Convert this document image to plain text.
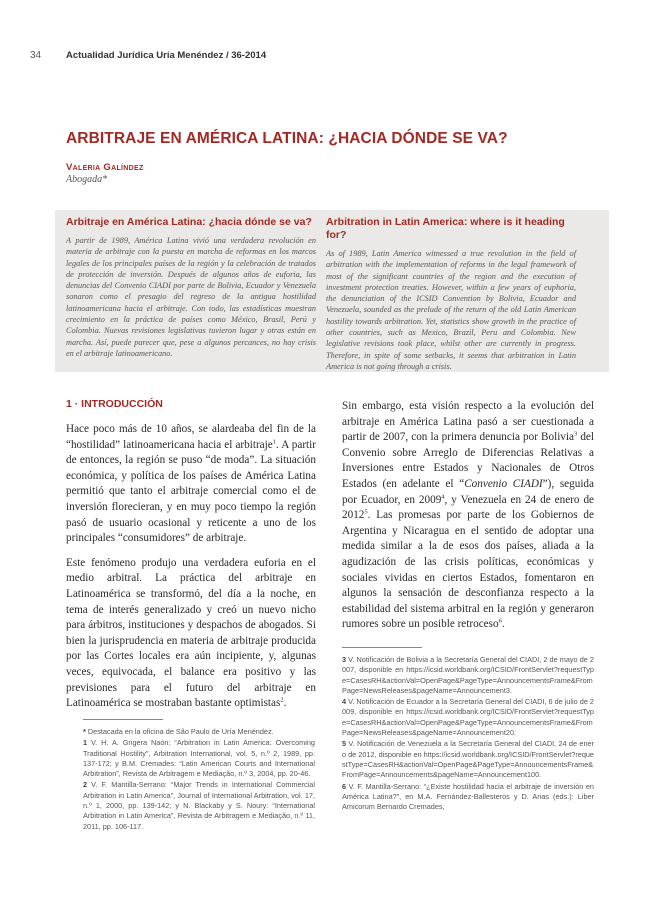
34	Actualidad Jurídica Uría Menéndez / 36-2014
ARBITRAJE EN AMÉRICA LATINA: ¿HACIA DÓNDE SE VA?
Valeria Galíndez
Abogada*
Arbitraje en América Latina: ¿hacia dónde se va?
A partir de 1989, América Latina vivió una verdadera revolución en materia de arbitraje con la puesta en marcha de reformas en los marcos legales de los principales países de la región y la celebración de tratados de protección de inversión. Después de algunos años de euforia, las denuncias del Convenio CIADI por parte de Bolivia, Ecuador y Venezuela sonaron como el presagio del regreso de la antigua hostilidad latinoamericana hacia el arbitraje. Con todo, las estadísticas muestran crecimiento en la práctica de países como México, Brasil, Perú y Colombia. Nuevas revisiones legislativas tuvieron lugar y otras están en marcha. Así, puede parecer que, pese a algunos percances, no hay crisis en el arbitraje latinoamericano.
Arbitration in Latin America: where is it heading for?
As of 1989, Latin America witnessed a true revolution in the field of arbitration with the implementation of reforms in the legal framework of most of the significant countries of the region and the execution of investment protection treaties. However, within a few years of euphoria, the denunciation of the ICSID Convention by Bolivia, Ecuador and Venezuela, sounded as the prelude of the return of the old Latin American hostility towards arbitration. Yet, statistics show growth in the practice of other countries, such as Mexico, Brazil, Peru and Colombia. New legislative revisions took place, whilst other are currently in progress. Therefore, in spite of some setbacks, it seems that arbitration in Latin America is not going through a crisis.
1 · INTRODUCCIÓN

Hace poco más de 10 años, se alardeaba del fin de la “hostilidad” latinoamericana hacia el arbitraje$^1$. A partir de entonces, la región se puso “de moda”. La situación económica, y política de los países de América Latina permitió que tanto el arbitraje comercial como el de inversión florecieran, y en muy poco tiempo la región pasó de usuario ocasional y reticente a uno de los principales “consumidores” de arbitraje.

Este fenómeno produjo una verdadera euforia en el medio arbitral. La práctica del arbitraje en Latinoamérica se transformó, del día a la noche, en tema de interés generalizado y creó un nuevo nicho para árbitros, instituciones y despachos de abogados. Si bien la jurisprudencia en materia de arbitraje producida por las Cortes locales era aún incipiente, y, algunas veces, equivocada, el balance era positivo y las previsiones para el futuro del arbitraje en Latinoamérica se mostraban bastante optimistas$^2$.

Sin embargo, esta visión respecto a la evolución del arbitraje en América Latina pasó a ser cuestionada a partir de 2007, con la primera denuncia por Bolivia$^3$ del Convenio sobre Arreglo de Diferencias Relativas a Inversiones entre Estados y Nacionales de Otros Estados (en adelante el “Convenio CIADI”), seguida por Ecuador, en 2009$^4$, y Venezuela en 24 de enero de 2012$^5$. Las promesas por parte de los Gobiernos de Argentina y Nicaragua en el sentido de adoptar una medida similar a la de esos dos países, aliada a la agudización de las crisis políticas, económicas y sociales vividas en ciertos Estados, fomentaron en algunos la sensación de desconfianza respecto a la estabilidad del sistema arbitral en la región y generaron rumores sobre un posible retroceso$^6$.

* Destacada en la oficina de São Paulo de Uría Menéndez.

1 V. H. A. Grigera Naón: “Arbitration in Latin America: Overcoming Traditional Hostility”, Arbitration International, vol. 5, n.º 2, 1989, pp. 137-172; y B.M. Cremades: “Latin American Courts and International Arbitration”, Revista de Arbitragem e Mediação, n.º 3, 2004, pp. 20-46.

2 V. F. Mantilla-Serrano: “Major Trends in International Commercial Arbitration in Latin America”, Journal of International Arbitration, vol. 17, n.º 1, 2000, pp. 139-142; y N. Blackaby y S. Noury: “International Arbitration in Latin America”, Revista de Arbitragem e Mediação, n.º 11, 2011, pp. 106-117.

3 V. Notificación de Bolivia a la Secretaría General del CIADI, 2 de mayo de 2007, disponible en https://icsid.worldbank.org/ICSID/FrontServlet?requestType=CasesRH&actionVal=OpenPage&PageType=AnnouncementsFrame&FromPage=NewsReleases&pageName=Announcement3.

4 V. Notificación de Ecuador a la Secretaría General del CIADI, 6 de julio de 2009, disponible en https://icsid.worldbank.org/ICSID/FrontServlet?requestType=CasesRH&actionVal=OpenPage&PageType=AnnouncementsFrame&FromPage=NewsReleases&pageName=Announcement20.

5 V. Notificación de Venezuela a la Secretaría General del CIADI, 24 de enero de 2012, disponible en https://icsid.worldbank.org/ICSID/FrontServlet?requestType=CasesRH&actionVal=OpenPage&PageType=AnnouncementsFrame&FromPage=Announcements&pageName=Announcement100.

6 V. F. Mantilla-Serrano: “¿Existe hostilidad hacia el arbitraje de inversión en América Latina?”, en M.A. Fernández-Ballesteros y D. Arias (eds.): Liber Amicorum Bernardo Cremades,
